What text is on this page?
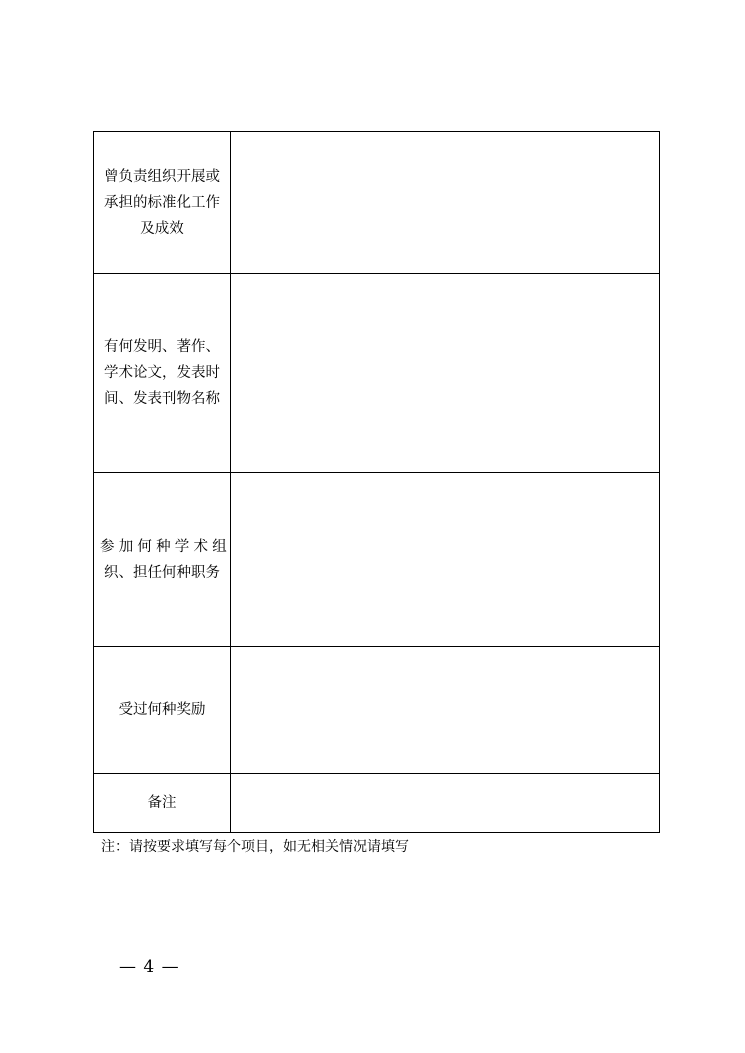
曾负责组织开展或
承担的标准化工作
及成效	

有何发明、著作、
学术论文，发表时
间、发表刊物名称	

参加何种学术组
织、担任何种职务	

受过何种奖励	

备注	

注：请按要求填写每个项目，如无相关情况请填写
— 4 —
